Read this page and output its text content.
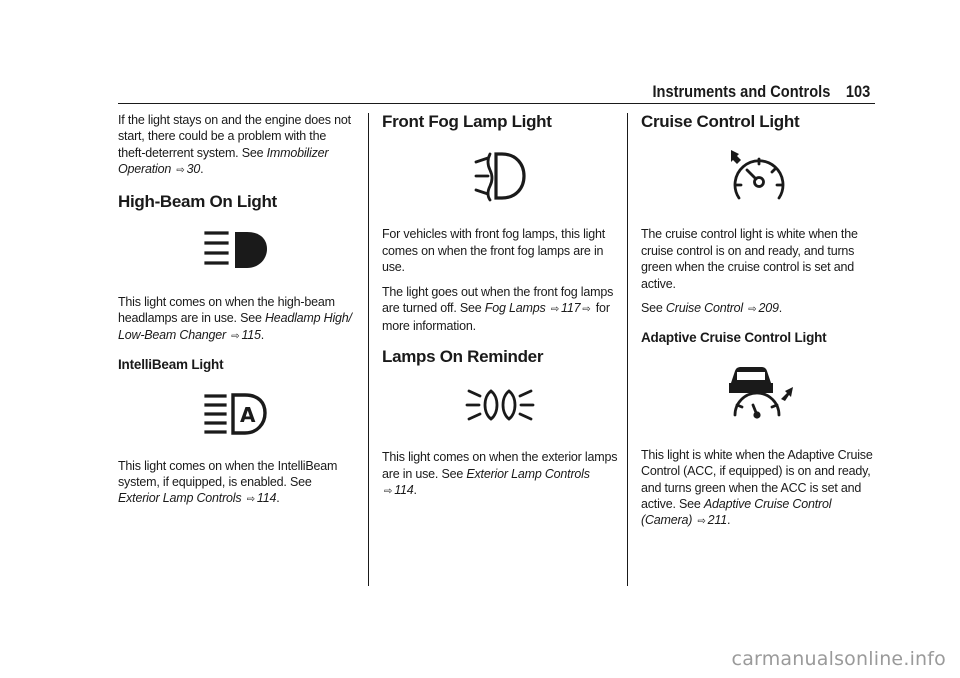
Instruments and Controls 103

If the light stays on and the engine does not start, there could be a problem with the theft-deterrent system. See Immobilizer Operation ⇨ 30.

High-Beam On Light

This light comes on when the high-beam headlamps are in use. See Headlamp High/ Low-Beam Changer ⇨ 115.

IntelliBeam Light
A

This light comes on when the IntelliBeam system, if equipped, is enabled. See Exterior Lamp Controls ⇨ 114.

Front Fog Lamp Light

For vehicles with front fog lamps, this light comes on when the front fog lamps are in use.

The light goes out when the front fog lamps are turned off. See Fog Lamps ⇨ 117 ⇨ for more information.

Lamps On Reminder

This light comes on when the exterior lamps are in use. See Exterior Lamp Controls ⇨ 114.

Cruise Control Light

The cruise control light is white when the cruise control is on and ready, and turns green when the cruise control is set and active.

See Cruise Control ⇨ 209.

Adaptive Cruise Control Light

This light is white when the Adaptive Cruise Control (ACC, if equipped) is on and ready, and turns green when the ACC is set and active. See Adaptive Cruise Control (Camera) ⇨ 211.

carmanualsonline.info
